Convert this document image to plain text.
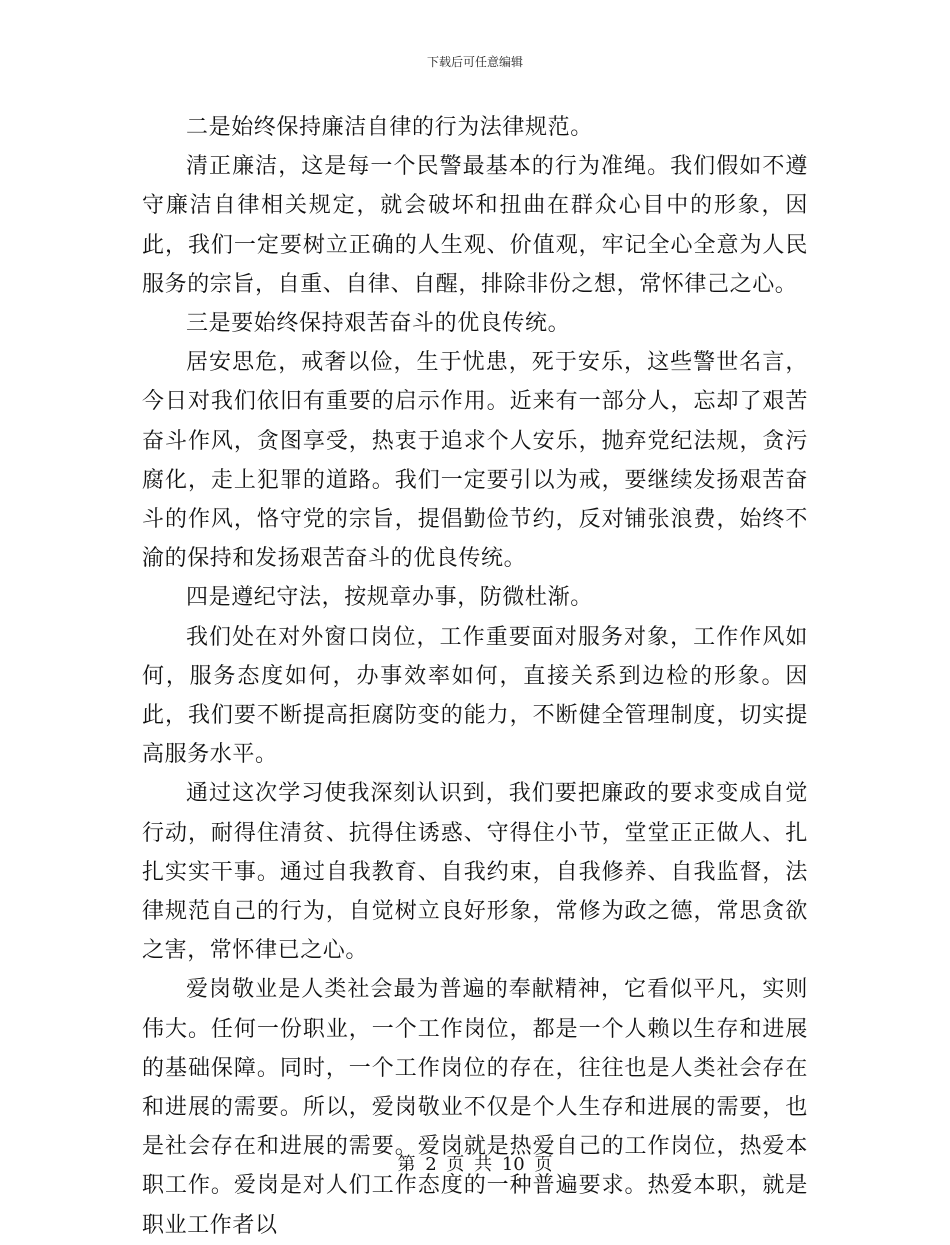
下载后可任意编辑

二是始终保持廉洁自律的行为法律规范。

清正廉洁，这是每一个民警最基本的行为准绳。我们假如不遵守廉洁自律相关规定，就会破坏和扭曲在群众心目中的形象，因此，我们一定要树立正确的人生观、价值观，牢记全心全意为人民服务的宗旨，自重、自律、自醒，排除非份之想，常怀律己之心。

三是要始终保持艰苦奋斗的优良传统。

居安思危，戒奢以俭，生于忧患，死于安乐，这些警世名言，今日对我们依旧有重要的启示作用。近来有一部分人，忘却了艰苦奋斗作风，贪图享受，热衷于追求个人安乐，抛弃党纪法规，贪污腐化，走上犯罪的道路。我们一定要引以为戒，要继续发扬艰苦奋斗的作风，恪守党的宗旨，提倡勤俭节约，反对铺张浪费，始终不渝的保持和发扬艰苦奋斗的优良传统。

四是遵纪守法，按规章办事，防微杜渐。

我们处在对外窗口岗位，工作重要面对服务对象，工作作风如何，服务态度如何，办事效率如何，直接关系到边检的形象。因此，我们要不断提高拒腐防变的能力，不断健全管理制度，切实提高服务水平。

通过这次学习使我深刻认识到，我们要把廉政的要求变成自觉行动，耐得住清贫、抗得住诱惑、守得住小节，堂堂正正做人、扎扎实实干事。通过自我教育、自我约束，自我修养、自我监督，法律规范自己的行为，自觉树立良好形象，常修为政之德，常思贪欲之害，常怀律已之心。

爱岗敬业是人类社会最为普遍的奉献精神，它看似平凡，实则伟大。任何一份职业，一个工作岗位，都是一个人赖以生存和进展的基础保障。同时，一个工作岗位的存在，往往也是人类社会存在和进展的需要。所以，爱岗敬业不仅是个人生存和进展的需要，也是社会存在和进展的需要。爱岗就是热爱自己的工作岗位，热爱本职工作。爱岗是对人们工作态度的一种普遍要求。热爱本职，就是职业工作者以

第 2 页 共 10 页
